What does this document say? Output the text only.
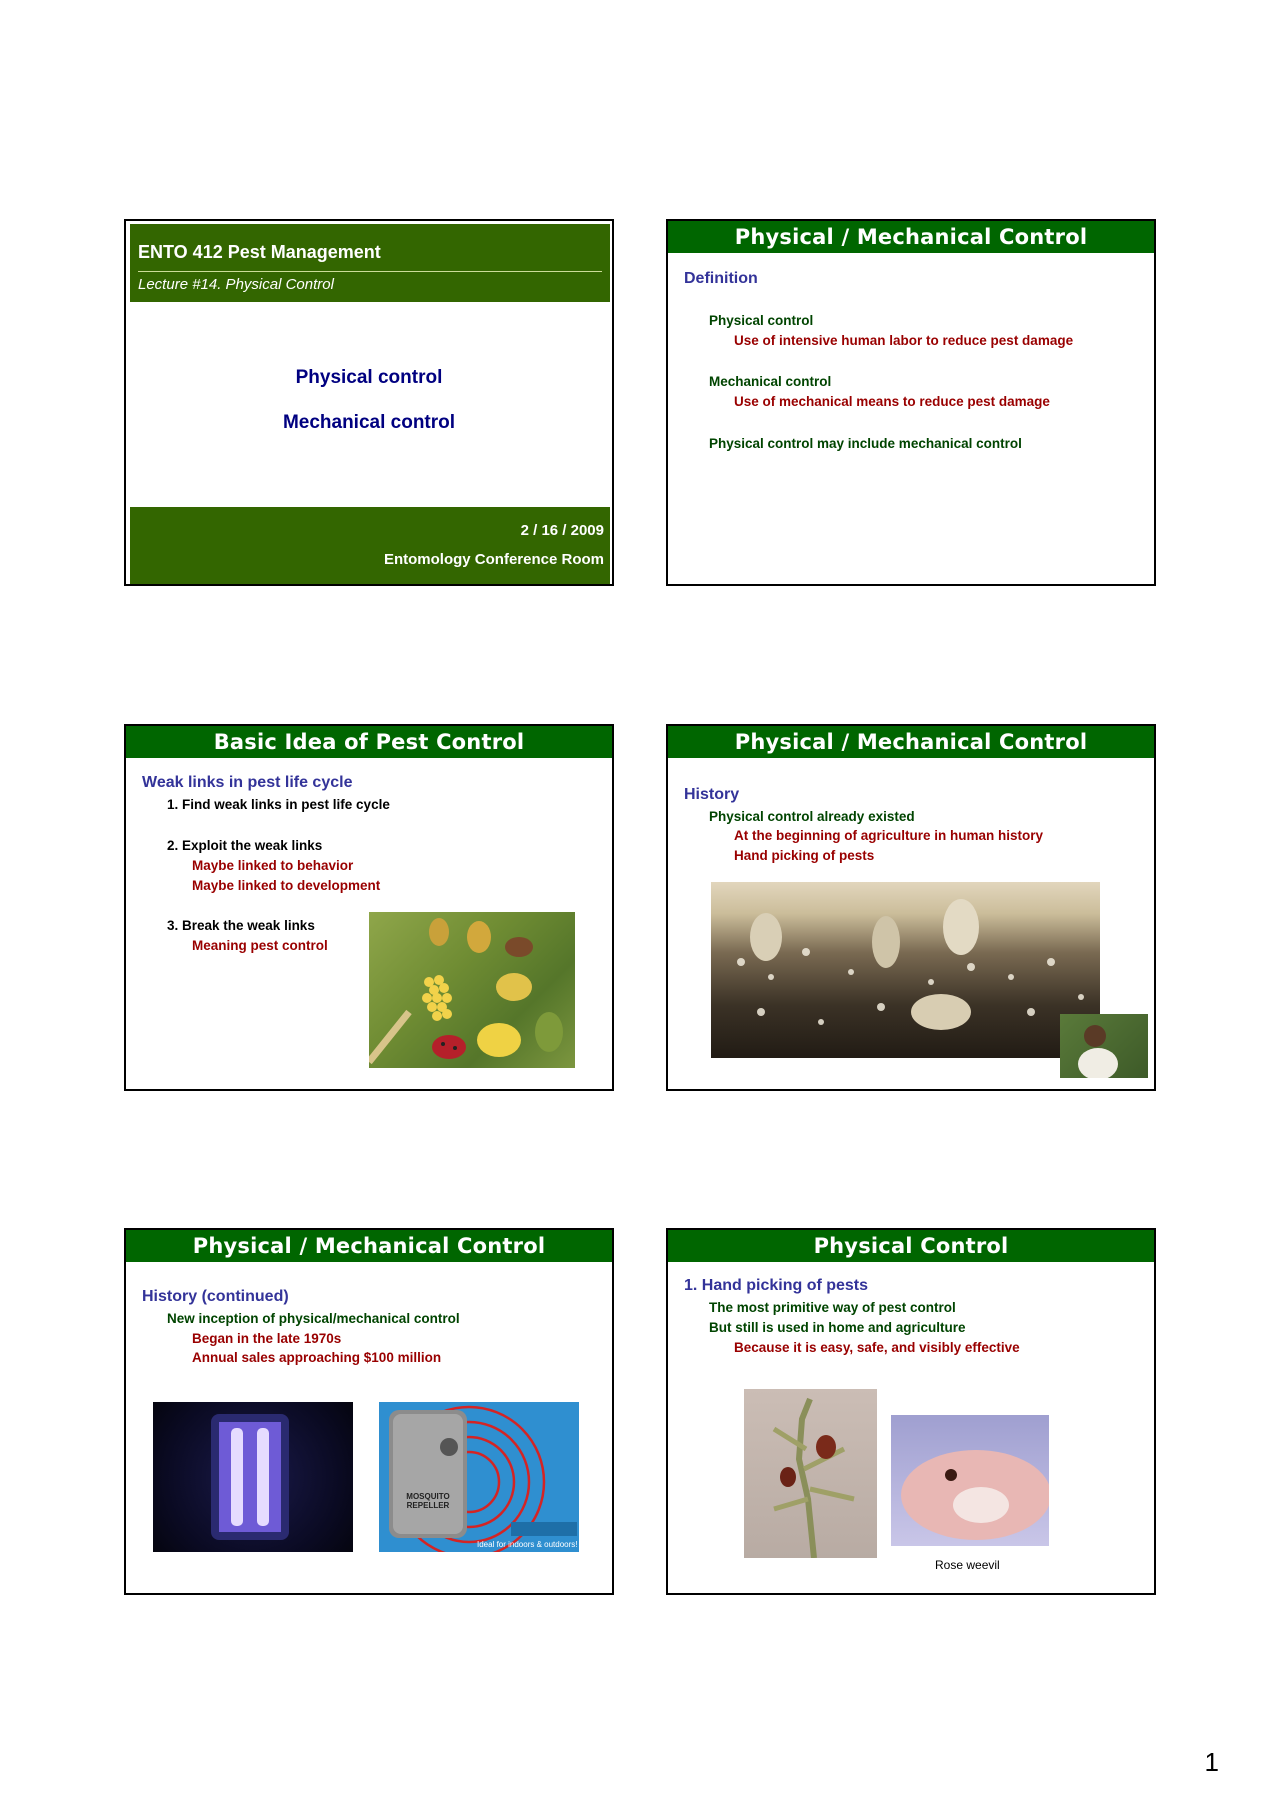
ENTO 412 Pest Management
Lecture #14. Physical Control
Physical control
Mechanical control
2 / 16 / 2009
Entomology Conference Room
Physical / Mechanical Control
Definition
Physical control
Use of intensive human labor to reduce pest damage
Mechanical control
Use of mechanical means to reduce pest damage
Physical control may include mechanical control
Basic Idea of Pest Control
Weak links in pest life cycle
1. Find weak links in pest life cycle
2. Exploit the weak links
Maybe linked to behavior
Maybe linked to development
3. Break the weak links
Meaning pest control
Physical / Mechanical Control
History
Physical control already existed
At the beginning of agriculture in human history
Hand picking of pests
Physical / Mechanical Control
History (continued)
New inception of physical/mechanical control
Began in the late 1970s
Annual sales approaching $100 million
MOSQUITO REPELLER
Ideal for indoors & outdoors!
Physical Control
1. Hand picking of pests
The most primitive way of pest control
But still is used in home and agriculture
Because it is easy, safe, and visibly effective
Rose weevil
1
